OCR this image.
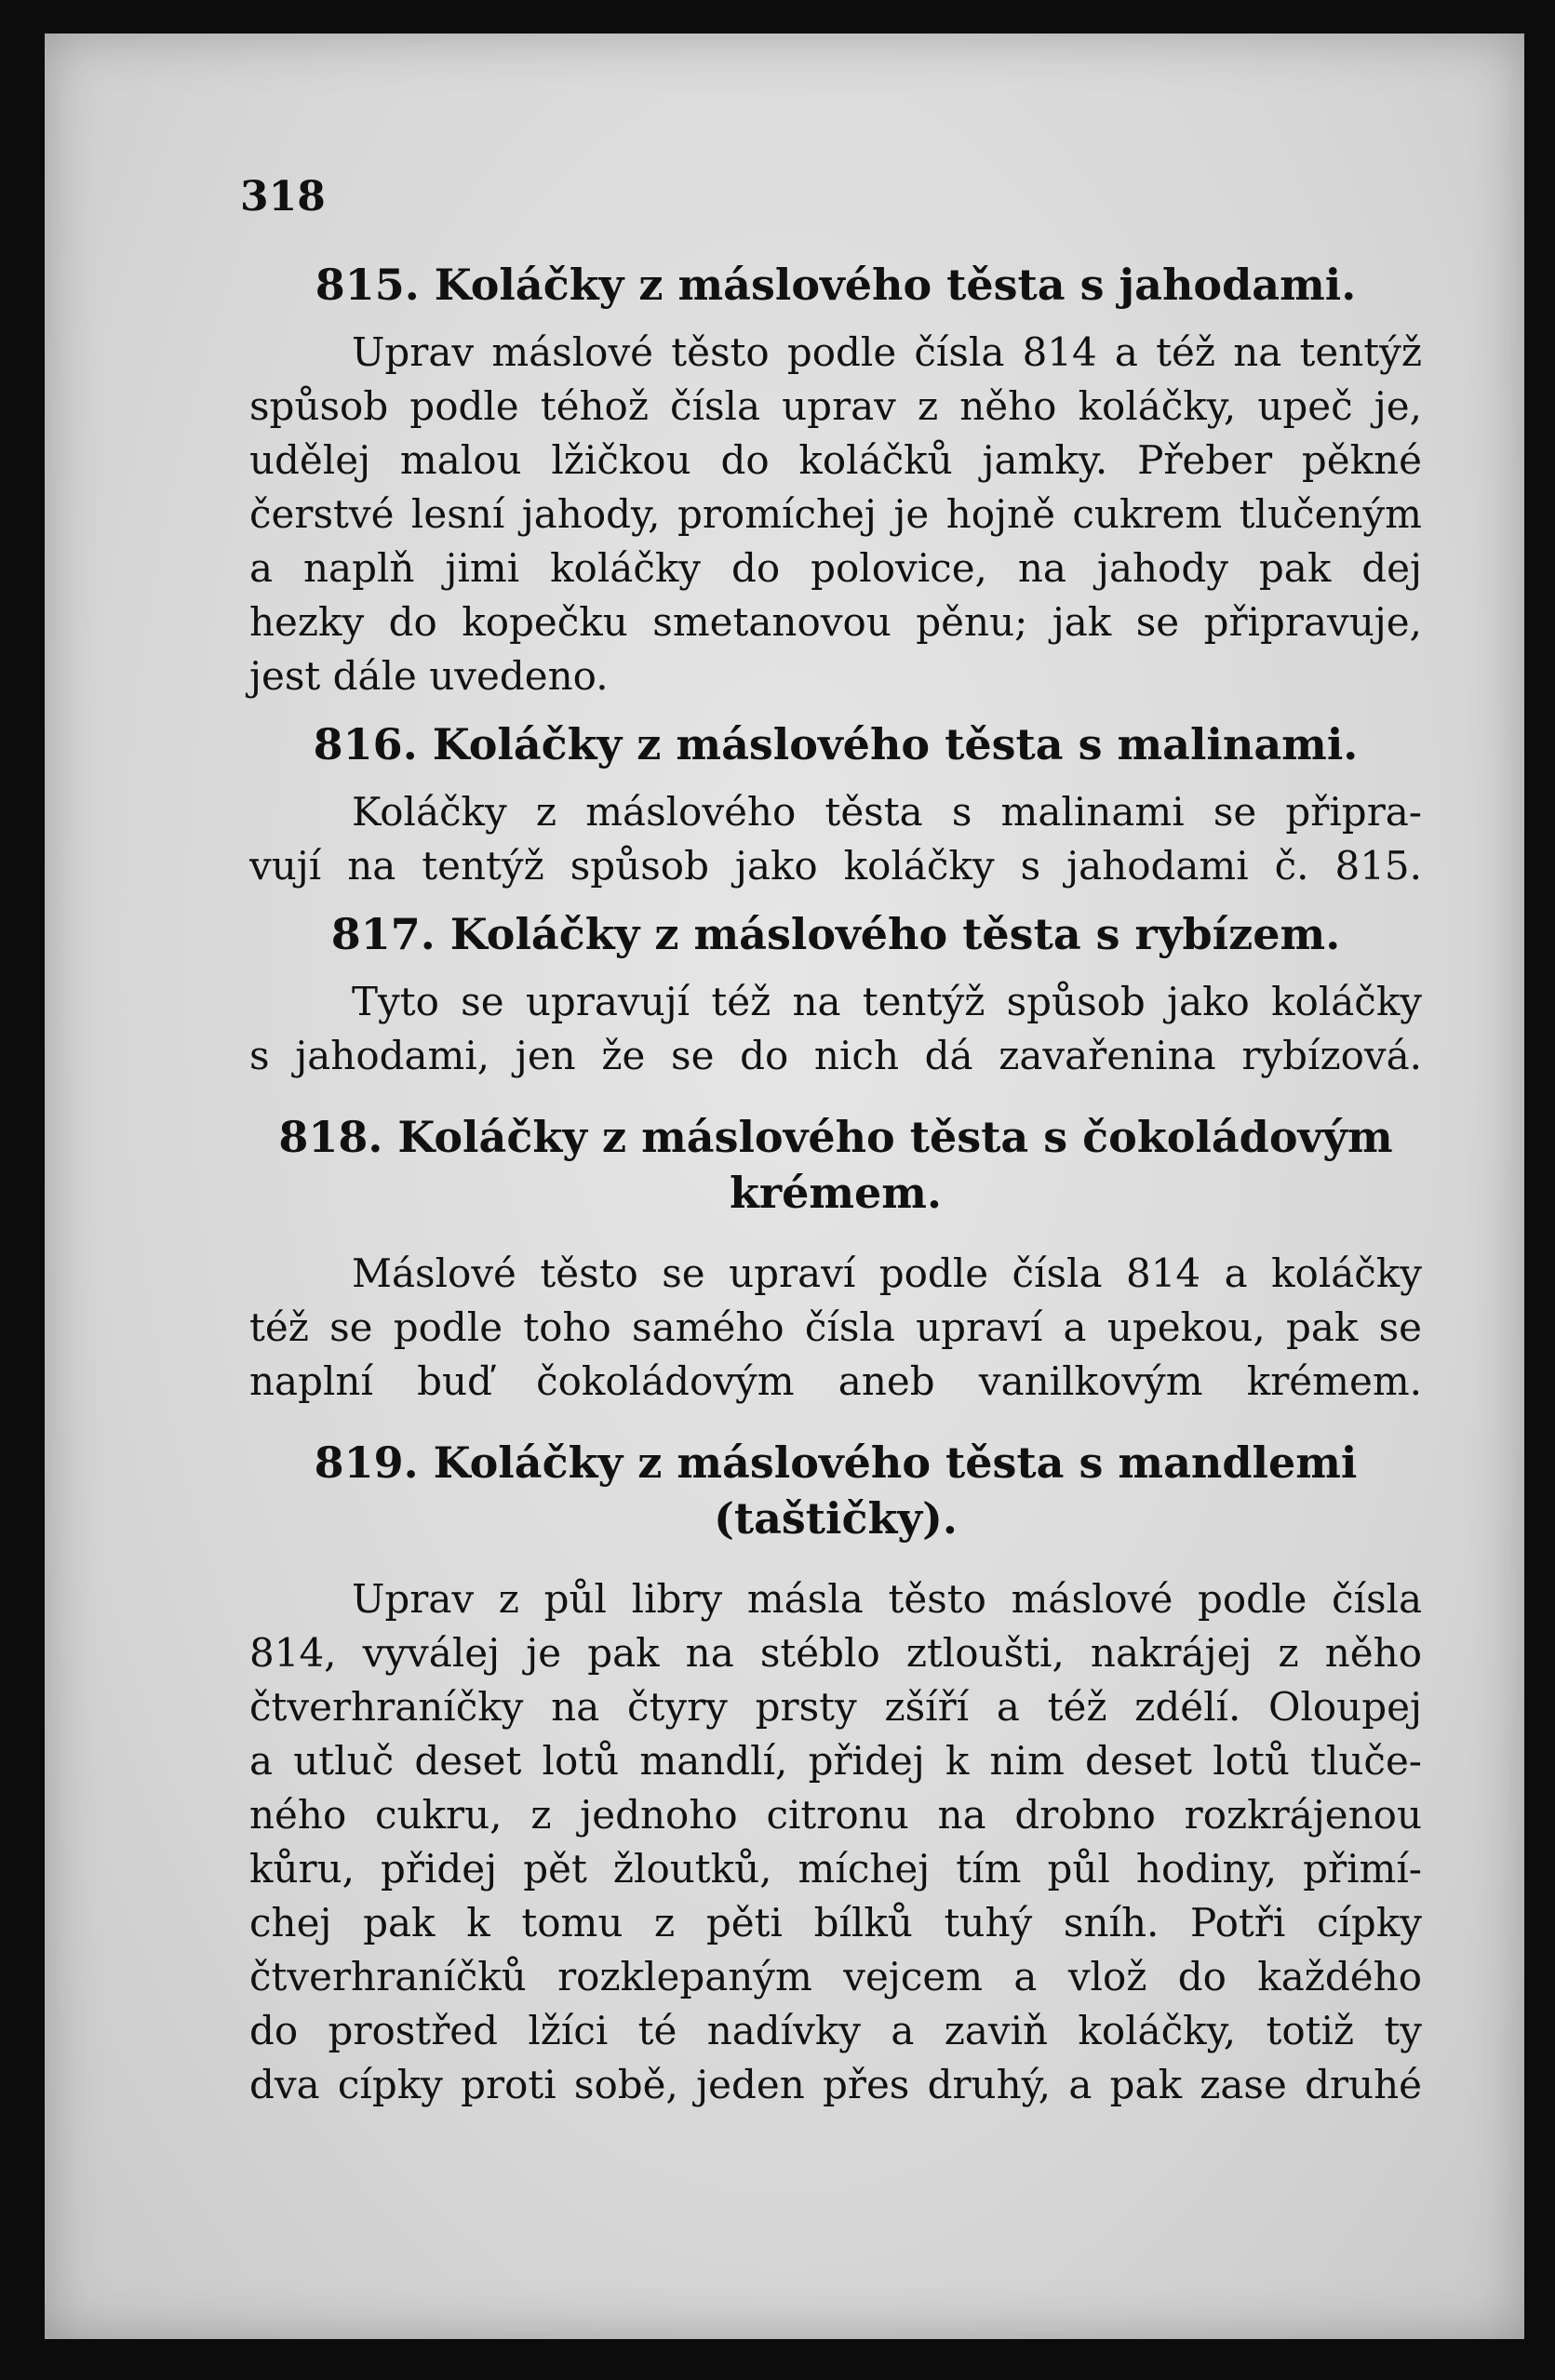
318

815. Koláčky z máslového těsta s jahodami.

Uprav máslové těsto podle čísla 814 a též na tentýž
spůsob podle téhož čísla uprav z něho koláčky, upeč je,
udělej malou lžičkou do koláčků jamky. Přeber pěkné
čerstvé lesní jahody, promíchej je hojně cukrem tlučeným
a naplň jimi koláčky do polovice, na jahody pak dej
hezky do kopečku smetanovou pěnu; jak se připravuje,
jest dále uvedeno.

816. Koláčky z máslového těsta s malinami.

Koláčky z máslového těsta s malinami se připra-
vují na tentýž spůsob jako koláčky s jahodami č. 815.

817. Koláčky z máslového těsta s rybízem.

Tyto se upravují též na tentýž spůsob jako koláčky
s jahodami, jen že se do nich dá zavařenina rybízová.

818. Koláčky z máslového těsta s čokoládovým

krémem.

Máslové těsto se upraví podle čísla 814 a koláčky
též se podle toho samého čísla upraví a upekou, pak se
naplní buď čokoládovým aneb vanilkovým krémem.

819. Koláčky z máslového těsta s mandlemi

(taštičky).

Uprav z půl libry másla těsto máslové podle čísla
814, vyválej je pak na stéblo ztloušti, nakrájej z něho
čtverhraníčky na čtyry prsty zšíří a též zdélí. Oloupej
a utluč deset lotů mandlí, přidej k nim deset lotů tluče-
ného cukru, z jednoho citronu na drobno rozkrájenou
kůru, přidej pět žloutků, míchej tím půl hodiny, přimí-
chej pak k tomu z pěti bílků tuhý sníh. Potři cípky
čtverhraníčků rozklepaným vejcem a vlož do každého
do prostřed lžíci té nadívky a zaviň koláčky, totiž ty
dva cípky proti sobě, jeden přes druhý, a pak zase druhé
